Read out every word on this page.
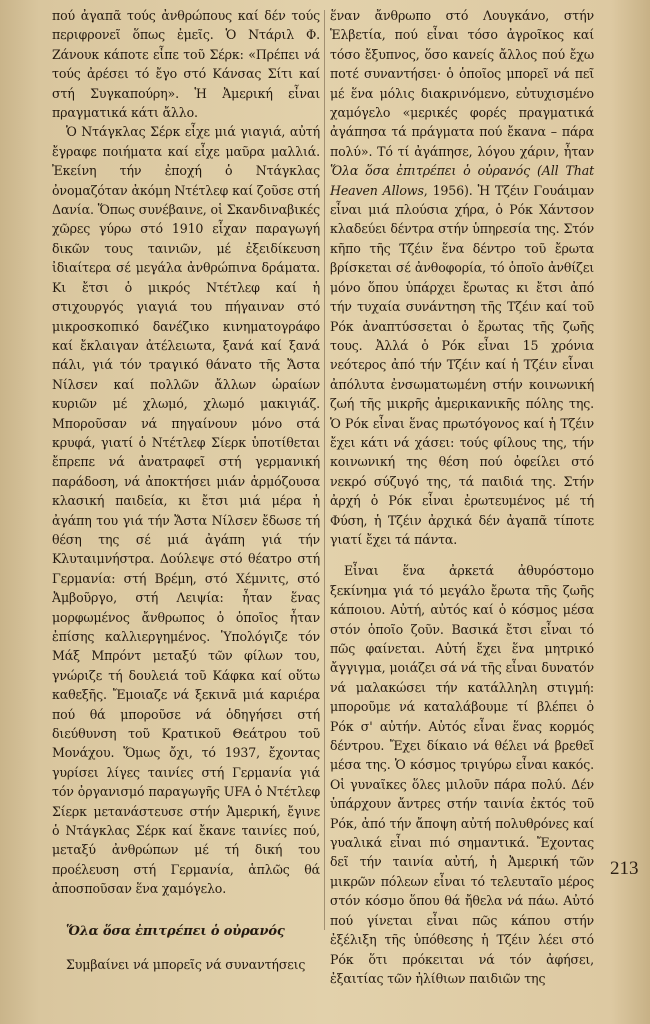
πού ἀγαπᾶ τούς ἀνθρώπους καί δέν τούς περιφρονεῖ ὅπως ἐμεῖς. Ὁ Ντάριλ Φ. Ζάνουκ κάποτε εἶπε τοῦ Σέρκ: «Πρέπει νά τούς ἀρέσει τό ἔγο στό Κάνσας Σίτι καί στή Συγκαπούρη». Ἡ Ἀμερική εἶναι πραγματικά κάτι ἄλλο.

Ὁ Ντάγκλας Σέρκ εἶχε μιά γιαγιά, αὐτή ἔγραφε ποιήματα καί εἶχε μαῦρα μαλλιά. Ἐκείνη τήν ἐποχή ὁ Ντάγκλας ὀνομαζόταν ἀκόμη Ντέτλεφ καί ζοῦσε στή Δανία. Ὅπως συνέβαινε, οἱ Σκανδιναβικές χῶρες γύρω στό 1910 εἶχαν παραγωγή δικῶν τους ταινιῶν, μέ ἐξειδίκευση ἰδιαίτερα σέ μεγάλα ἀνθρώπινα δράματα. Κι ἔτσι ὁ μικρός Ντέτλεφ καί ἡ στιχουργός γιαγιά του πήγαιναν στό μικροσκοπικό δανέζικο κινηματογράφο καί ἔκλαιγαν ἀτέλειωτα, ξανά καί ξανά πάλι, γιά τόν τραγικό θάνατο τῆς Ἄστα Νίλσεν καί πολλῶν ἄλλων ὡραίων κυριῶν μέ χλωμό, χλωμό μακιγιάζ. Μποροῦσαν νά πηγαίνουν μόνο στά κρυφά, γιατί ὁ Ντέτλεφ Σίερκ ὑποτίθεται ἔπρεπε νά ἀνατραφεῖ στή γερμανική παράδοση, νά ἀποκτήσει μιάν ἁρμόζουσα κλασική παιδεία, κι ἔτσι μιά μέρα ἡ ἀγάπη του γιά τήν Ἄστα Νίλσεν ἔδωσε τή θέση της σέ μιά ἀγάπη γιά τήν Κλυταιμνήστρα. Δούλεψε στό θέατρο στή Γερμανία: στή Βρέμη, στό Χέμνιτς, στό Ἀμβοῦργο, στή Λειψία: ἦταν ἕνας μορφωμένος ἄνθρωπος ὁ ὁποῖος ἦταν ἐπίσης καλλιεργημένος. Ὑπολόγιζε τόν Μάξ Μπρόντ μεταξύ τῶν φίλων του, γνώριζε τή δουλειά τοῦ Κάφκα καί οὕτω καθεξῆς. Ἔμοιαζε νά ξεκινᾶ μιά καριέρα πού θά μποροῦσε νά ὁδηγήσει στή διεύθυνση τοῦ Κρατικοῦ Θεάτρου τοῦ Μονάχου. Ὅμως ὄχι, τό 1937, ἔχοντας γυρίσει λίγες ταινίες στή Γερμανία γιά τόν ὀργανισμό παραγωγῆς UFA ὁ Ντέτλεφ Σίερκ μετανάστευσε στήν Ἀμερική, ἔγινε ὁ Ντάγκλας Σέρκ καί ἔκανε ταινίες πού, μεταξύ ἀνθρώπων μέ τή δική του προέλευση στή Γερμανία, ἁπλῶς θά ἀποσποῦσαν ἕνα χαμόγελο.

Ὅλα ὅσα ἐπιτρέπει ὁ οὐρανός

Συμβαίνει νά μπορεῖς νά συναντήσεις

ἕναν ἄνθρωπο στό Λουγκάνο, στήν Ἑλβετία, πού εἶναι τόσο ἀγροῖκος καί τόσο ἔξυπνος, ὅσο κανείς ἄλλος πού ἔχω ποτέ συναντήσει· ὁ ὁποῖος μπορεῖ νά πεῖ μέ ἕνα μόλις διακρινόμενο, εὐτυχισμένο χαμόγελο «μερικές φορές πραγματικά ἀγάπησα τά πράγματα πού ἔκανα – πάρα πολύ». Τό τί ἀγάπησε, λόγου χάριν, ἦταν Ὅλα ὅσα ἐπιτρέπει ὁ οὐρανός (All That Heaven Allows, 1956). Ἡ Τζέιν Γουάιμαν εἶναι μιά πλούσια χήρα, ὁ Ρόκ Χάντσον κλαδεύει δέντρα στήν ὑπηρεσία της. Στόν κῆπο τῆς Τζέιν ἕνα δέντρο τοῦ ἔρωτα βρίσκεται σέ ἀνθοφορία, τό ὁποῖο ἀνθίζει μόνο ὅπου ὑπάρχει ἔρωτας κι ἔτσι ἀπό τήν τυχαία συνάντηση τῆς Τζέιν καί τοῦ Ρόκ ἀναπτύσσεται ὁ ἔρωτας τῆς ζωῆς τους. Ἀλλά ὁ Ρόκ εἶναι 15 χρόνια νεότερος ἀπό τήν Τζέιν καί ἡ Τζέιν εἶναι ἀπόλυτα ἐνσωματωμένη στήν κοινωνική ζωή τῆς μικρῆς ἀμερικανικῆς πόλης της. Ὁ Ρόκ εἶναι ἕνας πρωτόγονος καί ἡ Τζέιν ἔχει κάτι νά χάσει: τούς φίλους της, τήν κοινωνική της θέση πού ὀφείλει στό νεκρό σύζυγό της, τά παιδιά της. Στήν ἀρχή ὁ Ρόκ εἶναι ἐρωτευμένος μέ τή Φύση, ἡ Τζέιν ἀρχικά δέν ἀγαπᾶ τίποτε γιατί ἔχει τά πάντα.

Εἶναι ἕνα ἀρκετά ἀθυρόστομο ξεκίνημα γιά τό μεγάλο ἔρωτα τῆς ζωῆς κάποιου. Αὐτή, αὐτός καί ὁ κόσμος μέσα στόν ὁποῖο ζοῦν. Βασικά ἔτσι εἶναι τό πῶς φαίνεται. Αὐτή ἔχει ἕνα μητρικό ἄγγιγμα, μοιάζει σά νά τῆς εἶναι δυνατόν νά μαλακώσει τήν κατάλληλη στιγμή: μποροῦμε νά καταλάβουμε τί βλέπει ὁ Ρόκ σ' αὐτήν. Αὐτός εἶναι ἕνας κορμός δέντρου. Ἔχει δίκαιο νά θέλει νά βρεθεῖ μέσα της. Ὁ κόσμος τριγύρω εἶναι κακός. Οἱ γυναῖκες ὅλες μιλοῦν πάρα πολύ. Δέν ὑπάρχουν ἄντρες στήν ταινία ἐκτός τοῦ Ρόκ, ἀπό τήν ἄποψη αὐτή πολυθρόνες καί γυαλικά εἶναι πιό σημαντικά. Ἔχοντας δεῖ τήν ταινία αὐτή, ἡ Ἀμερική τῶν μικρῶν πόλεων εἶναι τό τελευταῖο μέρος στόν κόσμο ὅπου θά ἤθελα νά πάω. Αὐτό πού γίνεται εἶναι πῶς κάπου στήν ἐξέλιξη τῆς ὑπόθεσης ἡ Τζέιν λέει στό Ρόκ ὅτι πρόκειται νά τόν ἀφήσει, ἐξαιτίας τῶν ἠλίθιων παιδιῶν της

213
